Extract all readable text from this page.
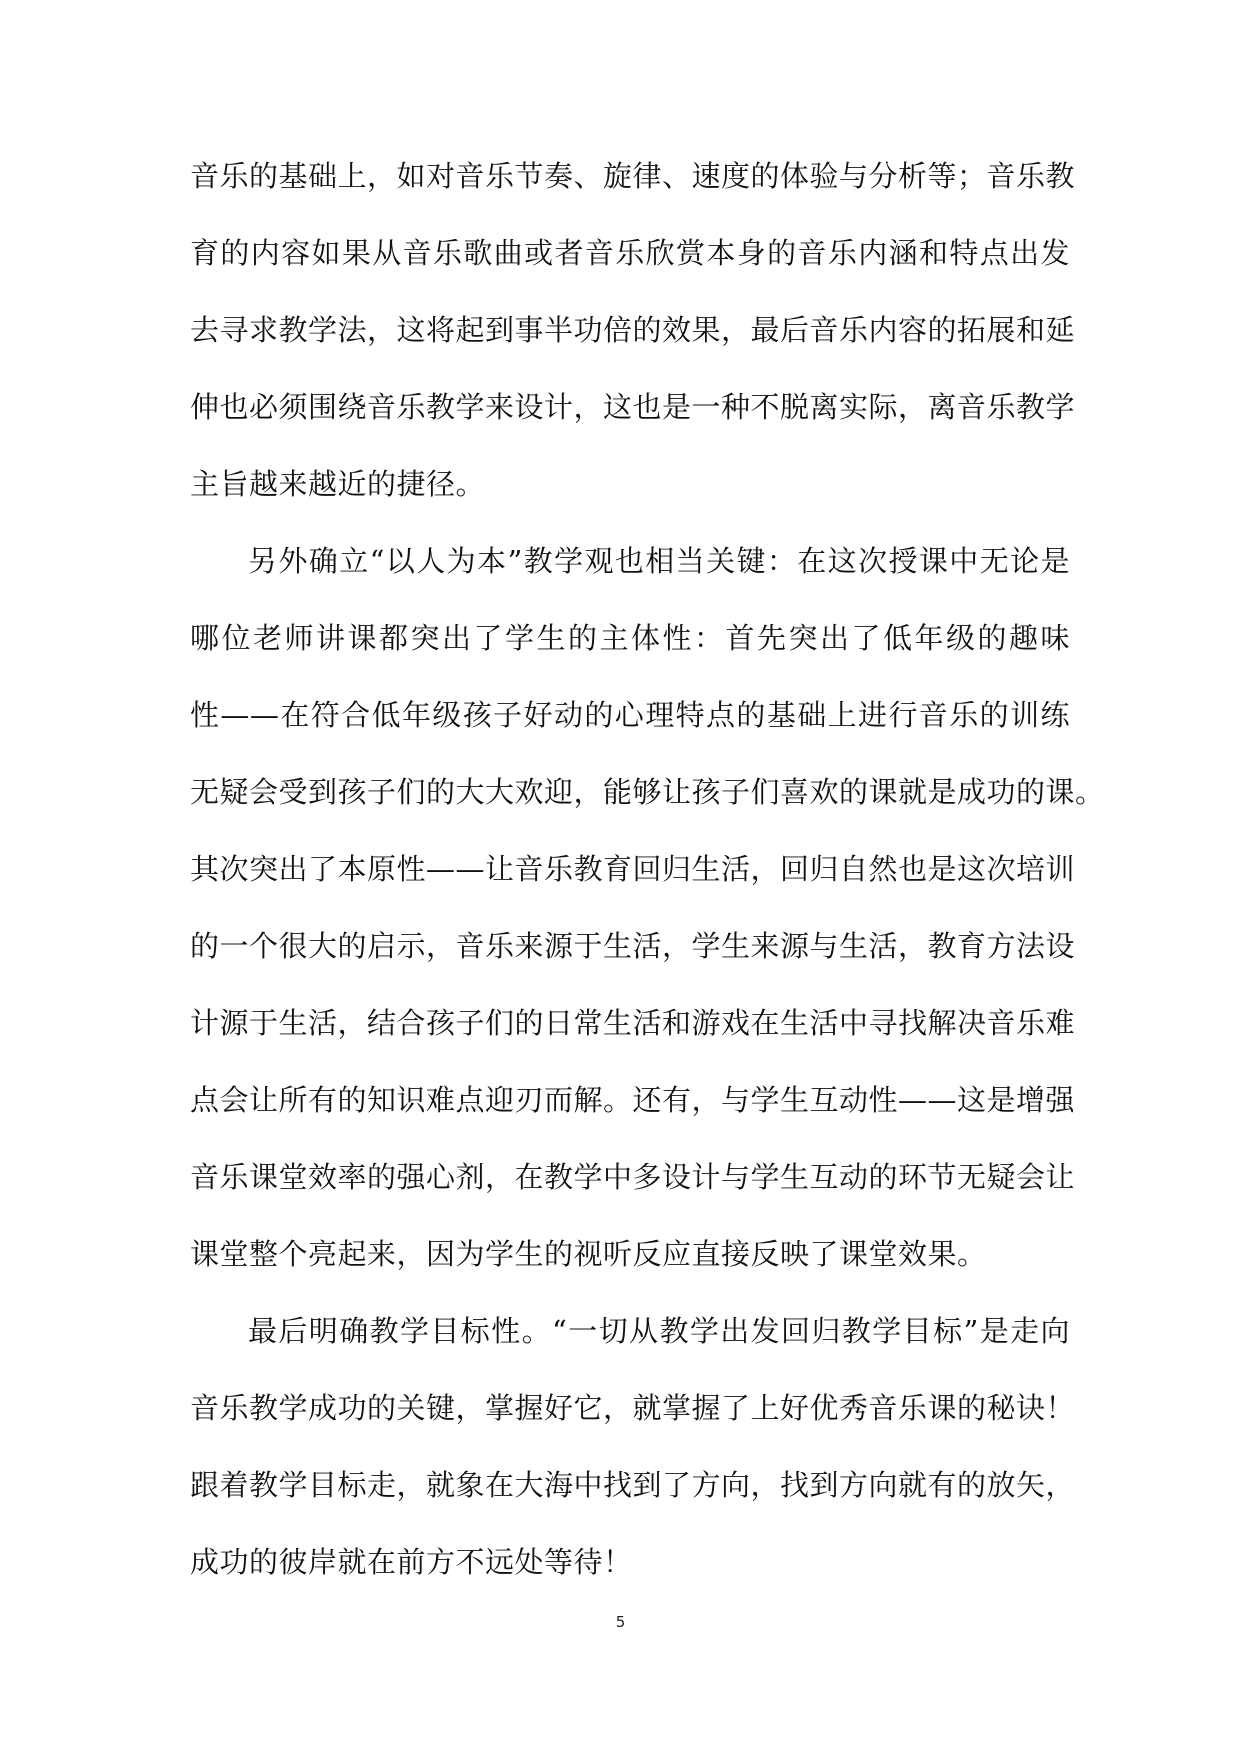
音乐的基础上，如对音乐节奏、旋律、速度的体验与分析等；音乐教
育的内容如果从音乐歌曲或者音乐欣赏本身的音乐内涵和特点出发
去寻求教学法，这将起到事半功倍的效果，最后音乐内容的拓展和延
伸也必须围绕音乐教学来设计，这也是一种不脱离实际，离音乐教学
主旨越来越近的捷径。
另外确立“以人为本”教学观也相当关键：在这次授课中无论是
哪位老师讲课都突出了学生的主体性：首先突出了低年级的趣味
性——在符合低年级孩子好动的心理特点的基础上进行音乐的训练
无疑会受到孩子们的大大欢迎，能够让孩子们喜欢的课就是成功的课。
其次突出了本原性——让音乐教育回归生活，回归自然也是这次培训
的一个很大的启示，音乐来源于生活，学生来源与生活，教育方法设
计源于生活，结合孩子们的日常生活和游戏在生活中寻找解决音乐难
点会让所有的知识难点迎刃而解。还有，与学生互动性——这是增强
音乐课堂效率的强心剂，在教学中多设计与学生互动的环节无疑会让
课堂整个亮起来，因为学生的视听反应直接反映了课堂效果。
最后明确教学目标性。“一切从教学出发回归教学目标”是走向
音乐教学成功的关键，掌握好它，就掌握了上好优秀音乐课的秘诀！
跟着教学目标走，就象在大海中找到了方向，找到方向就有的放矢，
成功的彼岸就在前方不远处等待！
5
